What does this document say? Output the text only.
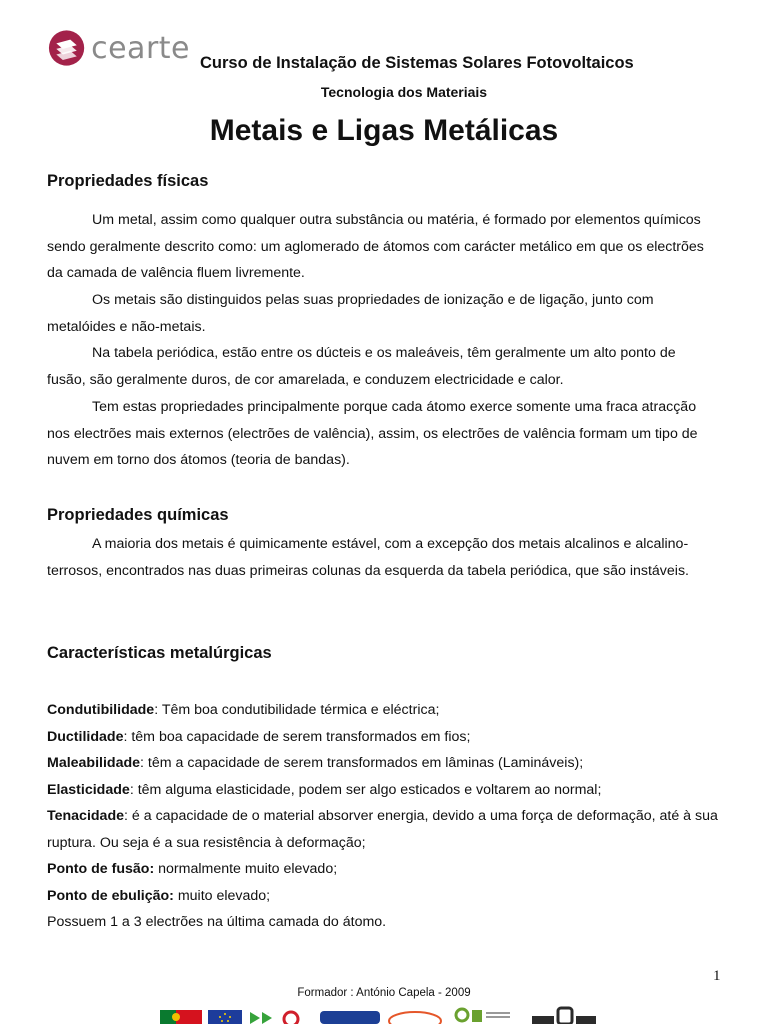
cearte Curso de Instalação de Sistemas Solares Fotovoltaicos
Tecnologia dos Materiais
Metais e Ligas Metálicas
Propriedades físicas

Um metal, assim como qualquer outra substância ou matéria, é formado por elementos químicos sendo geralmente descrito como: um aglomerado de átomos com carácter metálico em que os electrões da camada de valência fluem livremente.

Os metais são distinguidos pelas suas propriedades de ionização e de ligação, junto com metalóides e não-metais.

Na tabela periódica, estão entre os dúcteis e os maleáveis, têm geralmente um alto ponto de fusão, são geralmente duros, de cor amarelada, e conduzem electricidade e calor.

Tem estas propriedades principalmente porque cada átomo exerce somente uma fraca atracção nos electrões mais externos (electrões de valência), assim, os electrões de valência formam um tipo de nuvem em torno dos átomos (teoria de bandas).

Propriedades químicas

A maioria dos metais é quimicamente estável, com a excepção dos metais alcalinos e alcalino-terrosos, encontrados nas duas primeiras colunas da esquerda da tabela periódica, que são instáveis.

Características metalúrgicas

Condutibilidade: Têm boa condutibilidade térmica e eléctrica;

Ductilidade: têm boa capacidade de serem transformados em fios;

Maleabilidade: têm a capacidade de serem transformados em lâminas (Lamináveis);

Elasticidade: têm alguma elasticidade, podem ser algo esticados e voltarem ao normal;

Tenacidade: é a capacidade de o material absorver energia, devido a uma força de deformação, até à sua ruptura. Ou seja é a sua resistência à deformação;

Ponto de fusão: normalmente muito elevado;

Ponto de ebulição: muito elevado;

Possuem 1 a 3 electrões na última camada do átomo.

1
Formador : António Capela - 2009
